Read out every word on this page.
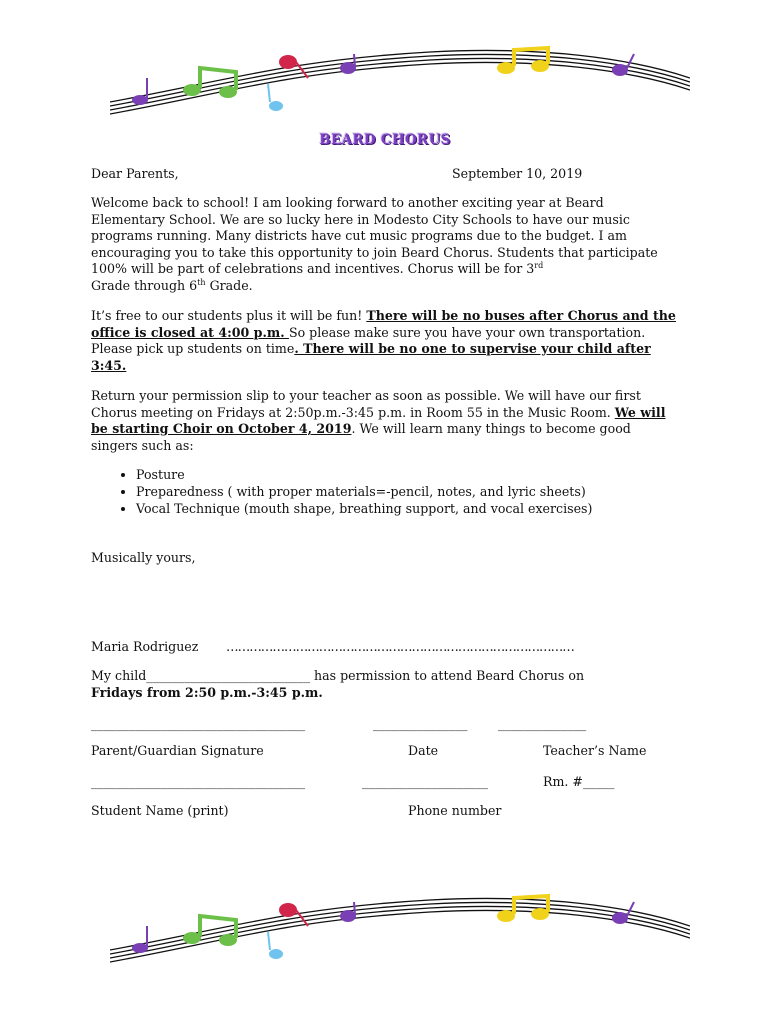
BEARD CHORUS
Dear Parents,	September 10, 2019
Welcome back to school! I am looking forward to another exciting year at Beard Elementary School. We are so lucky here in Modesto City Schools to have our music programs running. Many districts have cut music programs due to the budget. I am encouraging you to take this opportunity to join Beard Chorus. Students that participate 100% will be part of celebrations and incentives. Chorus will be for 3rd
Grade through 6th Grade.
It’s free to our students plus it will be fun! There will be no buses after Chorus and the office is closed at 4:00 p.m. So please make sure you have your own transportation. Please pick up students on time. There will be no one to supervise your child after 3:45.
Return your permission slip to your teacher as soon as possible. We will have our first Chorus meeting on Fridays at 2:50p.m.-3:45 p.m. in Room 55 in the Music Room. We will be starting Choir on October 4, 2019. We will learn many things to become good singers such as:
• Posture
• Preparedness ( with proper materials=-pencil, notes, and lyric sheets)
• Vocal Technique (mouth shape, breathing support, and vocal exercises)
Musically yours,
Maria Rodriguez ………………………………………………………………………………
My child__________________________ has permission to attend Beard Chorus on
Fridays from 2:50 p.m.-3:45 p.m.
__________________________________	_______________ ______________
Parent/Guardian Signature	Date	Teacher’s Name
__________________________________	____________________	Rm. #_____
Student Name (print)	Phone number
